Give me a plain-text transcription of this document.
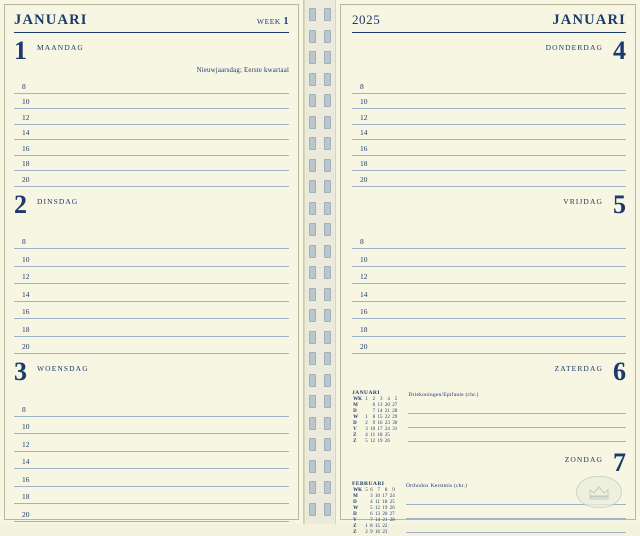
JANUARI	WEEK 1
1 MAANDAG
Nieuwjaarsdag; Eerste kwartaal
8
10
12
14
16
18
20
2 DINSDAG
8
10
12
14
16
18
20
3 WOENSDAG
8
10
12
14
16
18
20
2025	JANUARI
DONDERDAG 4
8
10
12
14
16
18
20
VRIJDAG 5
8
10
12
14
16
18
20
ZATERDAG 6
JANUARI
WK	1	2	3	4	5
M		6	13	20	27
D		7	14	21	28
W	1	8	15	22	29
D	2	9	16	23	30
V	3	10	17	24	31
Z	4	11	18	25	
Z	5	12	19	26	
Driekoningen/Epifanie (chr.)
ZONDAG 7
FEBRUARI
WK	5	6	7	8	9
M		3	10	17	24
D		4	11	18	25
W		5	12	19	26
D		6	13	20	27
V		7	14	21	28
Z	1	8	15	22	
Z	2	9	16	23	
Orthodox Kerstmis (chr.)
